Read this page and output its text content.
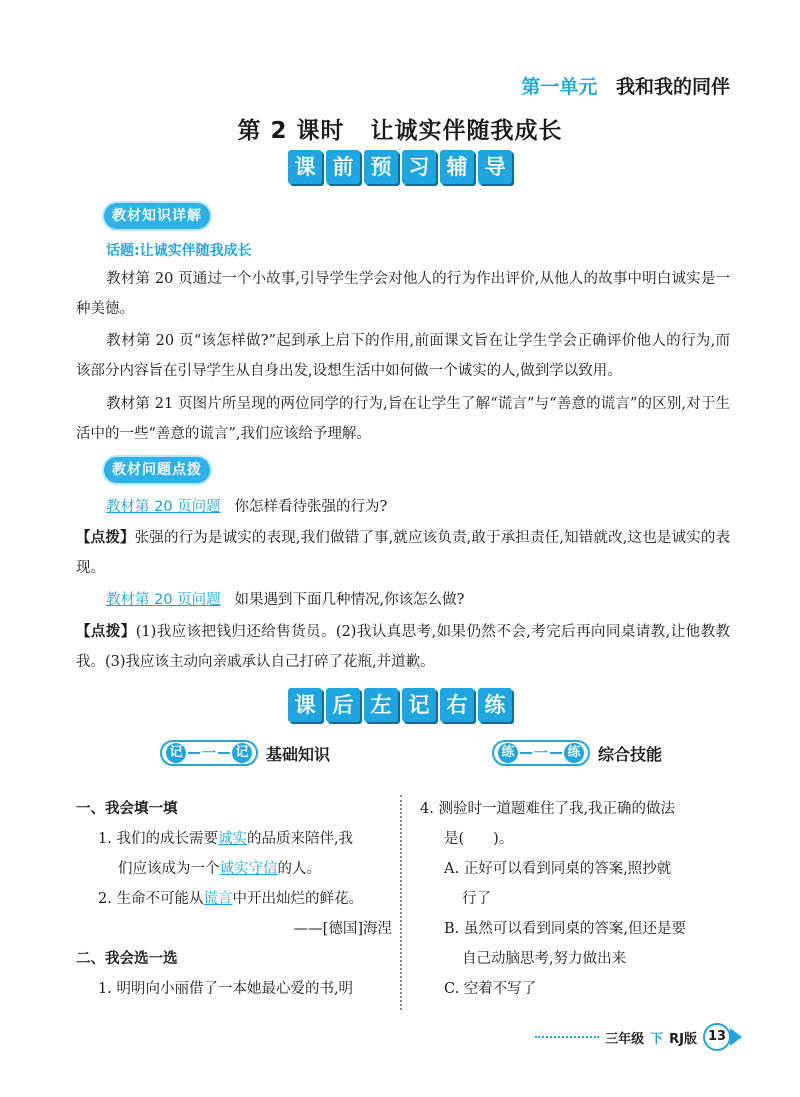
第一单元 我和我的同伴
第 2 课时 让诚实伴随我成长
课 前 预 习 辅 导
教材知识详解
话题:让诚实伴随我成长
教材第 20 页通过一个小故事,引导学生学会对他人的行为作出评价,从他人的故事中明白诚实是一种美德。
教材第 20 页“该怎样做?”起到承上启下的作用,前面课文旨在让学生学会正确评价他人的行为,而该部分内容旨在引导学生从自身出发,设想生活中如何做一个诚实的人,做到学以致用。
教材第 21 页图片所呈现的两位同学的行为,旨在让学生了解“谎言”与“善意的谎言”的区别,对于生活中的一些“善意的谎言”,我们应该给予理解。
教材问题点拨
教材第 20 页问题 你怎样看待张强的行为?
【点拨】张强的行为是诚实的表现,我们做错了事,就应该负责,敢于承担责任,知错就改,这也是诚实的表现。
教材第 20 页问题 如果遇到下面几种情况,你该怎么做?
【点拨】(1)我应该把钱归还给售货员。(2)我认真思考,如果仍然不会,考完后再向同桌请教,让他教教我。(3)我应该主动向亲戚承认自己打碎了花瓶,并道歉。
课 后 左 记 右 练
记 一 记 基础知识	练 一 练 综合技能
一、我会填一填
1. 我们的成长需要诚实的品质来陪伴,我
们应该成为一个诚实守信的人。
2. 生命不可能从谎言中开出灿烂的鲜花。
——[德国]海涅
二、我会选一选
1. 明明向小丽借了一本她最心爱的书,明
4. 测验时一道题难住了我,我正确的做法
是(　　)。
A. 正好可以看到同桌的答案,照抄就
行了
B. 虽然可以看到同桌的答案,但还是要
自己动脑思考,努力做出来
C. 空着不写了
三年级 下 RJ版 13
